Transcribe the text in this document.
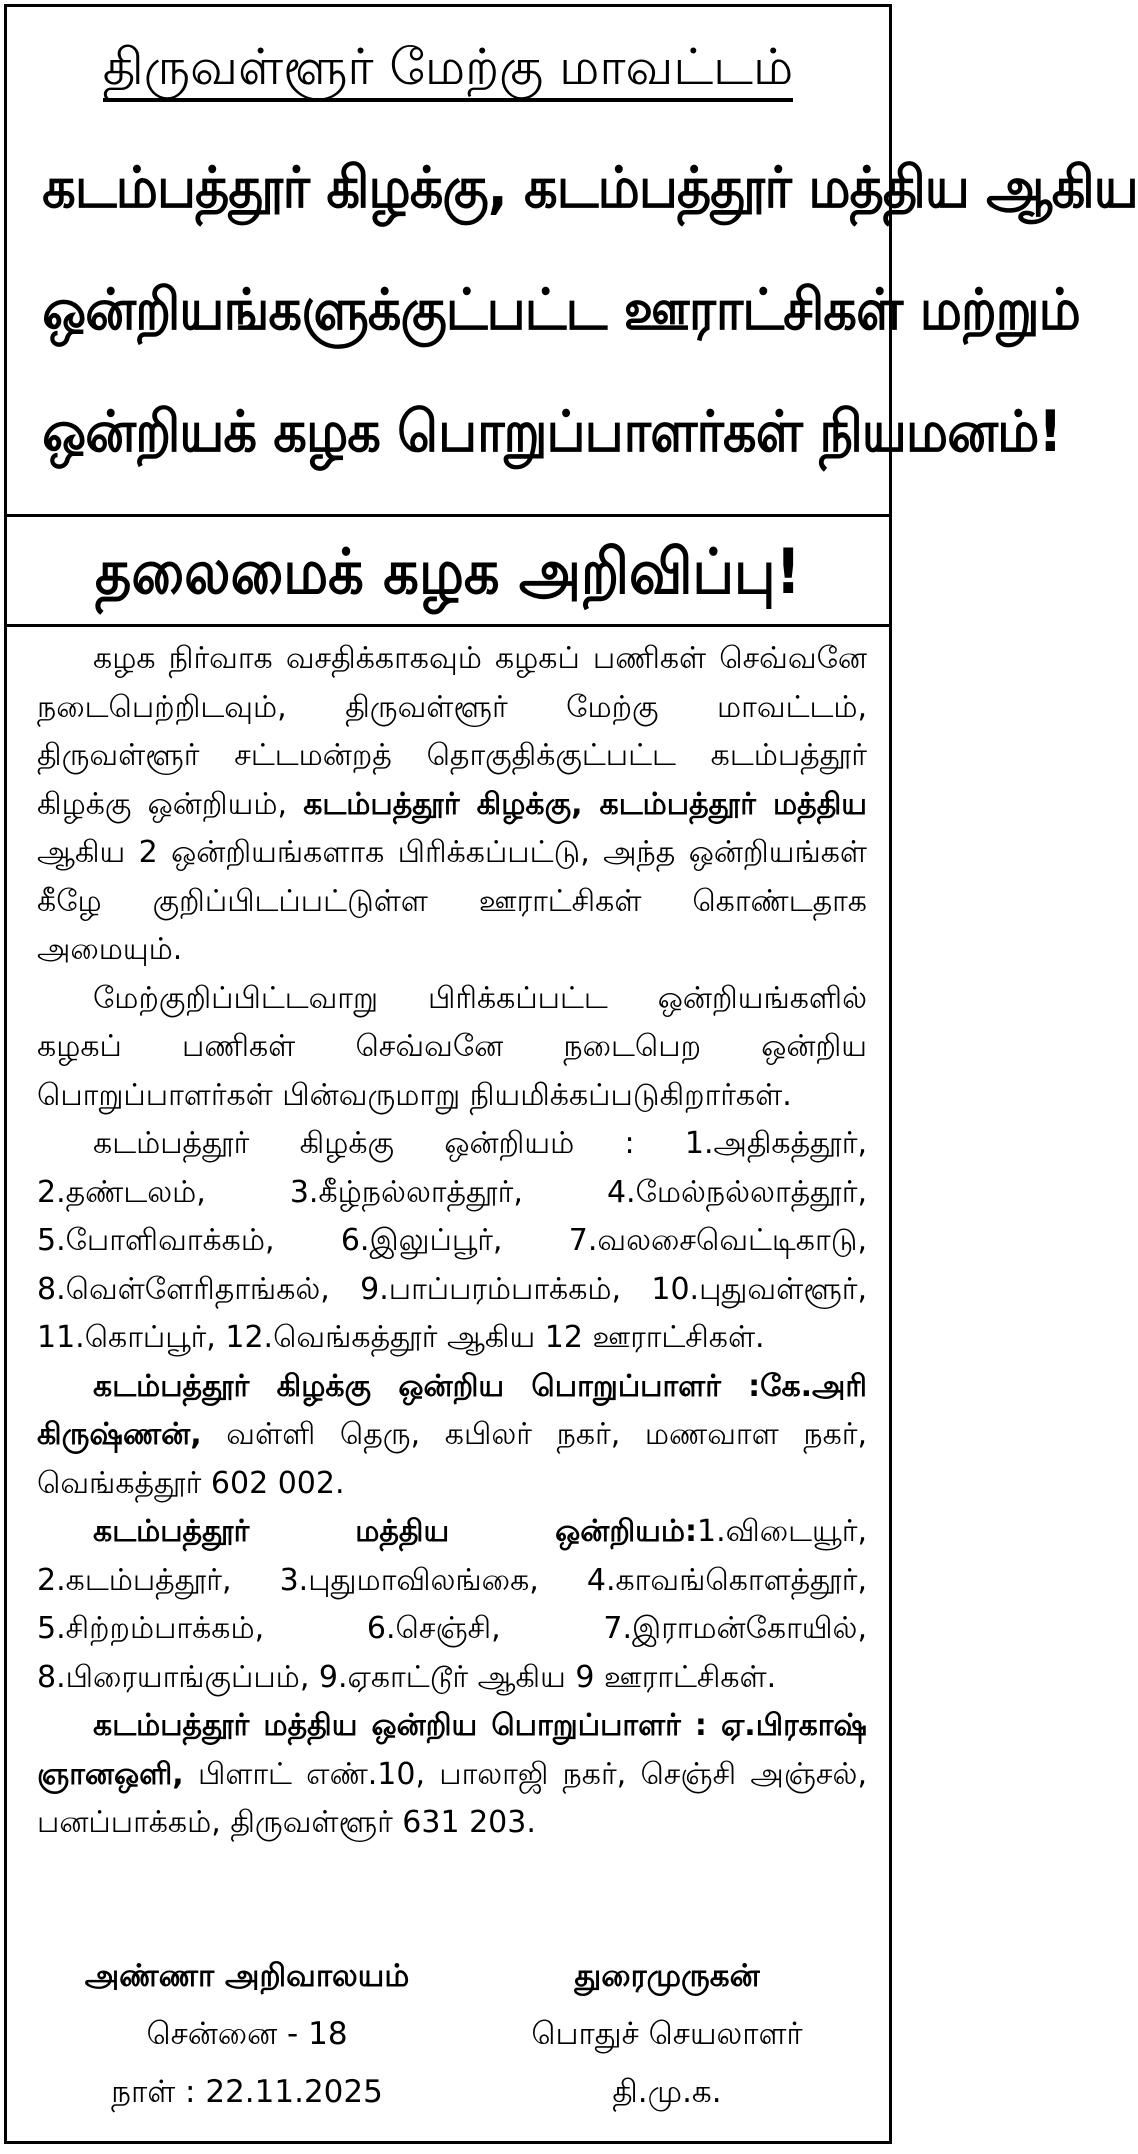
திருவள்ளூர் மேற்கு மாவட்டம்
கடம்பத்தூர் கிழக்கு, கடம்பத்தூர் மத்திய ஆகிய
ஒன்றியங்களுக்குட்பட்ட ஊராட்சிகள் மற்றும்
ஒன்றியக் கழக பொறுப்பாளர்கள் நியமனம்!
தலைமைக் கழக அறிவிப்பு!

கழக நிர்வாக வசதிக்காகவும் கழகப் பணிகள் செவ்வனே நடைபெற்றிடவும், திருவள்ளூர் மேற்கு மாவட்டம், திருவள்ளூர் சட்டமன்றத் தொகுதிக்குட்பட்ட கடம்பத்தூர் கிழக்கு ஒன்றியம், கடம்பத்தூர் கிழக்கு, கடம்பத்தூர் மத்திய ஆகிய 2 ஒன்றியங்களாக பிரிக்கப்பட்டு, அந்த ஒன்றியங்கள் கீழே குறிப்பிடப்பட்டுள்ள ஊராட்சிகள் கொண்டதாக அமையும்.

மேற்குறிப்பிட்டவாறு பிரிக்கப்பட்ட ஒன்றியங்களில் கழகப் பணிகள் செவ்வனே நடைபெற ஒன்றிய பொறுப்பாளர்கள் பின்வருமாறு நியமிக்கப்படுகிறார்கள்.

கடம்பத்தூர் கிழக்கு ஒன்றியம் : 1.அதிகத்தூர், 2.தண்டலம், 3.கீழ்நல்லாத்தூர், 4.மேல்நல்லாத்தூர், 5.போளிவாக்கம், 6.இலுப்பூர், 7.வலசைவெட்டிகாடு, 8.வெள்ளேரிதாங்கல், 9.பாப்பரம்பாக்கம், 10.புதுவள்ளூர், 11.கொப்பூர், 12.வெங்கத்தூர் ஆகிய 12 ஊராட்சிகள்.

கடம்பத்தூர் கிழக்கு ஒன்றிய பொறுப்பாளர் :கே.அரி கிருஷ்ணன், வள்ளி தெரு, கபிலர் நகர், மணவாள நகர், வெங்கத்தூர் 602 002.

கடம்பத்தூர் மத்திய ஒன்றியம்:1.விடையூர், 2.கடம்பத்தூர், 3.புதுமாவிலங்கை, 4.காவங்கொளத்தூர், 5.சிற்றம்பாக்கம், 6.செஞ்சி, 7.இராமன்கோயில், 8.பிரையாங்குப்பம், 9.ஏகாட்டூர் ஆகிய 9 ஊராட்சிகள்.

கடம்பத்தூர் மத்திய ஒன்றிய பொறுப்பாளர் : ஏ.பிரகாஷ் ஞானஒளி, பிளாட் எண்.10, பாலாஜி நகர், செஞ்சி அஞ்சல், பனப்பாக்கம், திருவள்ளூர் 631 203.

அண்ணா அறிவாலயம்
சென்னை - 18
நாள் : 22.11.2025
துரைமுருகன்
பொதுச் செயலாளர்
தி.மு.க.
